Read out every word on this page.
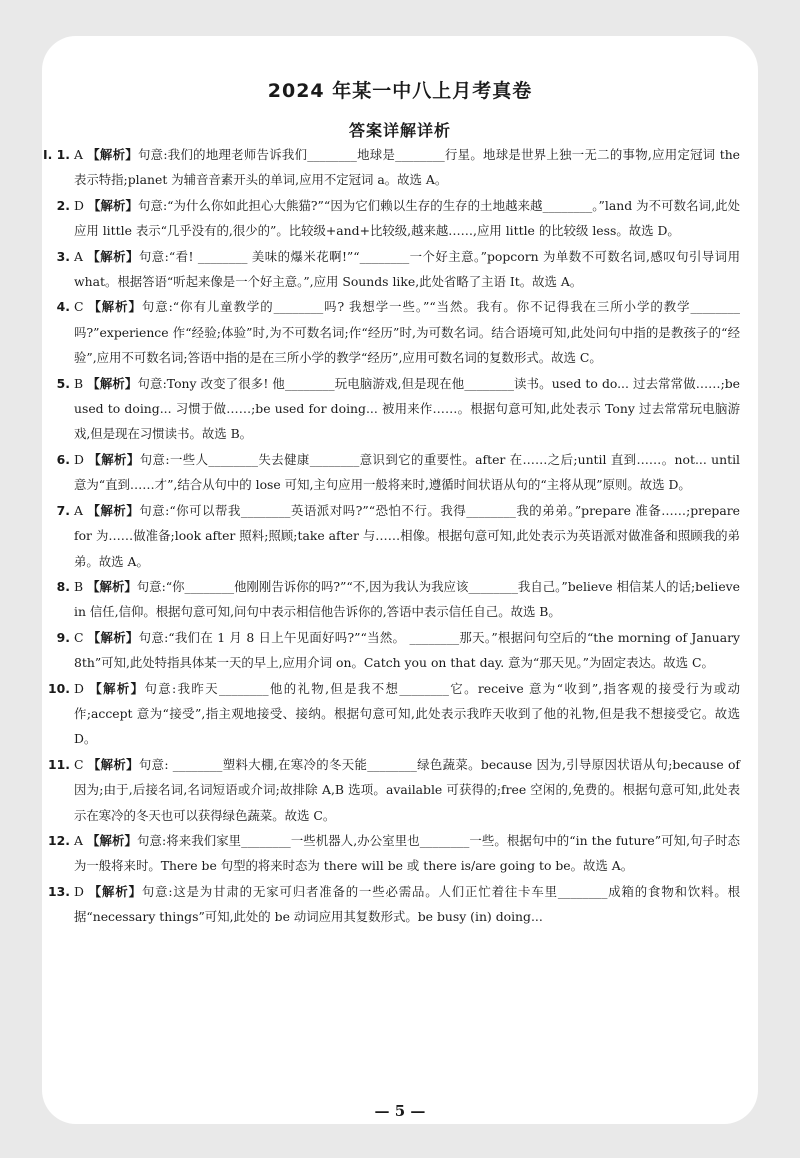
2024 年某一中八上月考真卷
答案详解详析
Ⅰ. 1. A 【解析】句意:我们的地理老师告诉我们________地球是________行星。地球是世界上独一无二的事物,应用定冠词 the 表示特指;planet 为辅音音素开头的单词,应用不定冠词 a。故选 A。
2. D 【解析】句意:“为什么你如此担心大熊猫?”“因为它们赖以生存的生存的土地越来越________。”land 为不可数名词,此处应用 little 表示“几乎没有的,很少的”。比较级+and+比较级,越来越……,应用 little 的比较级 less。故选 D。
3. A 【解析】句意:“看! ________ 美味的爆米花啊!”“________一个好主意。”popcorn 为单数不可数名词,感叹句引导词用 what。根据答语“听起来像是一个好主意。”,应用 Sounds like,此处省略了主语 It。故选 A。
4. C 【解析】句意:“你有儿童教学的________吗? 我想学一些。”“当然。我有。你不记得我在三所小学的教学________吗?”experience 作“经验;体验”时,为不可数名词;作“经历”时,为可数名词。结合语境可知,此处问句中指的是教孩子的“经验”,应用不可数名词;答语中指的是在三所小学的教学“经历”,应用可数名词的复数形式。故选 C。
5. B 【解析】句意:Tony 改变了很多! 他________玩电脑游戏,但是现在他________读书。used to do... 过去常常做……;be used to doing... 习惯于做……;be used for doing... 被用来作……。根据句意可知,此处表示 Tony 过去常常玩电脑游戏,但是现在习惯读书。故选 B。
6. D 【解析】句意:一些人________失去健康________意识到它的重要性。after 在……之后;until 直到……。not... until 意为“直到……才”,结合从句中的 lose 可知,主句应用一般将来时,遵循时间状语从句的“主将从现”原则。故选 D。
7. A 【解析】句意:“你可以帮我________英语派对吗?”“恐怕不行。我得________我的弟弟。”prepare 准备……;prepare for 为……做准备;look after 照料;照顾;take after 与……相像。根据句意可知,此处表示为英语派对做准备和照顾我的弟弟。故选 A。
8. B 【解析】句意:“你________他刚刚告诉你的吗?”“不,因为我认为我应该________我自己。”believe 相信某人的话;believe in 信任,信仰。根据句意可知,问句中表示相信他告诉你的,答语中表示信任自己。故选 B。
9. C 【解析】句意:“我们在 1 月 8 日上午见面好吗?”“当然。 ________那天。”根据问句空后的“the morning of January 8th”可知,此处特指具体某一天的早上,应用介词 on。Catch you on that day. 意为“那天见。”为固定表达。故选 C。
10. D 【解析】句意:我昨天________他的礼物,但是我不想________它。receive 意为“收到”,指客观的接受行为或动作;accept 意为“接受”,指主观地接受、接纳。根据句意可知,此处表示我昨天收到了他的礼物,但是我不想接受它。故选 D。
11. C 【解析】句意: ________塑料大棚,在寒冷的冬天能________绿色蔬菜。because 因为,引导原因状语从句;because of 因为;由于,后接名词,名词短语或介词;故排除 A,B 选项。available 可获得的;free 空闲的,免费的。根据句意可知,此处表示在寒冷的冬天也可以获得绿色蔬菜。故选 C。
12. A 【解析】句意:将来我们家里________一些机器人,办公室里也________一些。根据句中的“in the future”可知,句子时态为一般将来时。There be 句型的将来时态为 there will be 或 there is/are going to be。故选 A。
13. D 【解析】句意:这是为甘肃的无家可归者准备的一些必需品。人们正忙着往卡车里________成箱的食物和饮料。根据“necessary things”可知,此处的 be 动词应用其复数形式。be busy (in) doing...
— 5 —
